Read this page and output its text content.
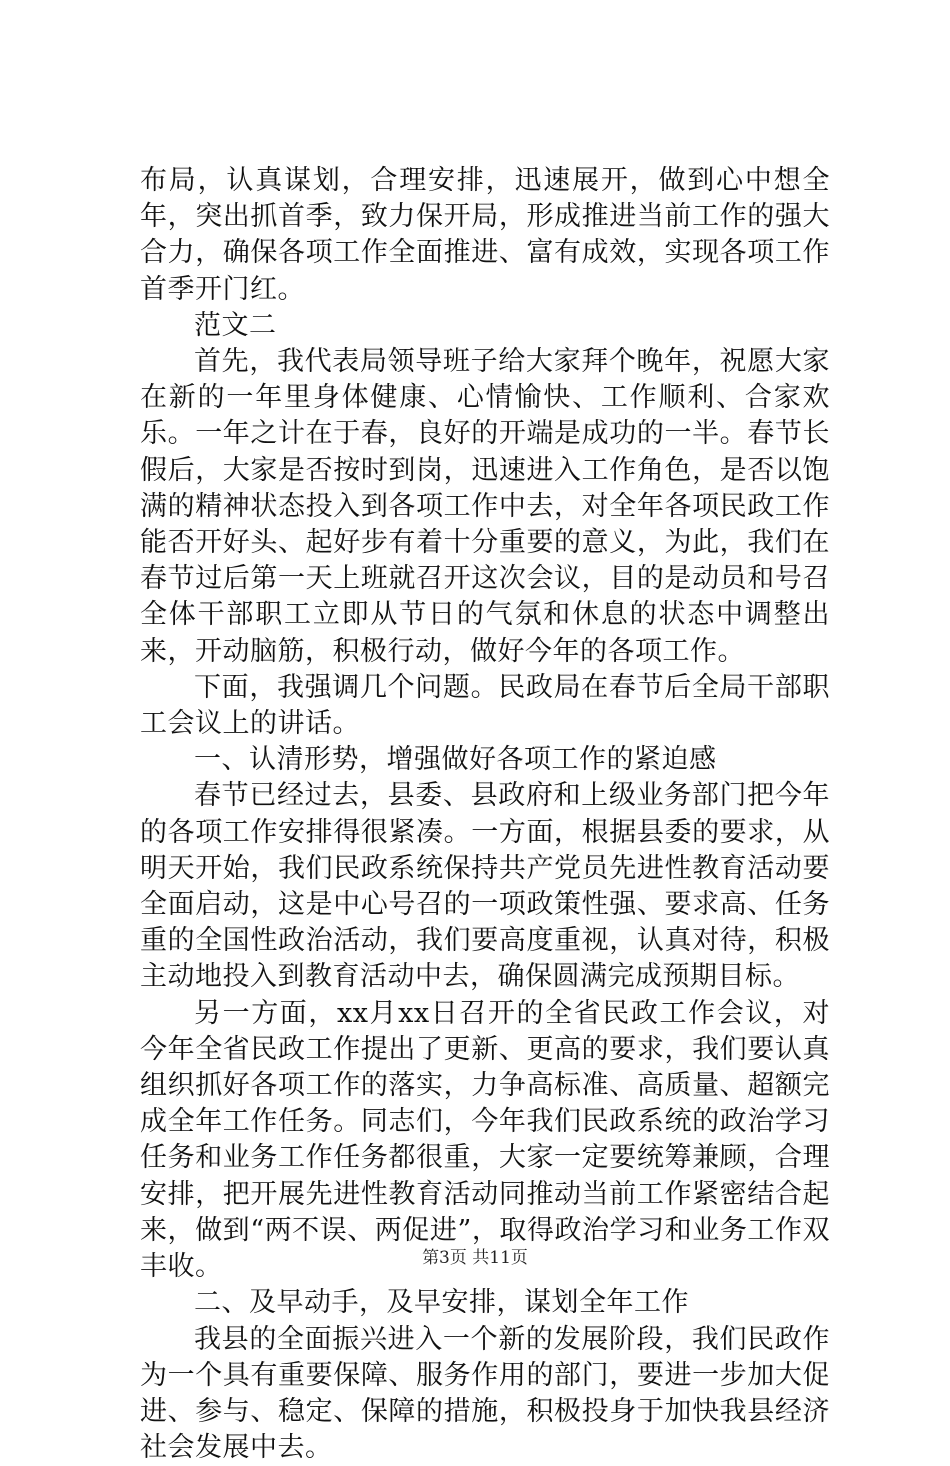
布局，认真谋划，合理安排，迅速展开，做到心中想全年，突出抓首季，致力保开局，形成推进当前工作的强大合力，确保各项工作全面推进、富有成效，实现各项工作首季开门红。

范文二

首先，我代表局领导班子给大家拜个晚年，祝愿大家在新的一年里身体健康、心情愉快、工作顺利、合家欢乐。一年之计在于春，良好的开端是成功的一半。春节长假后，大家是否按时到岗，迅速进入工作角色，是否以饱满的精神状态投入到各项工作中去，对全年各项民政工作能否开好头、起好步有着十分重要的意义，为此，我们在春节过后第一天上班就召开这次会议，目的是动员和号召全体干部职工立即从节日的气氛和休息的状态中调整出来，开动脑筋，积极行动，做好今年的各项工作。

下面，我强调几个问题。民政局在春节后全局干部职工会议上的讲话。

一、认清形势，增强做好各项工作的紧迫感

春节已经过去，县委、县政府和上级业务部门把今年的各项工作安排得很紧凑。一方面，根据县委的要求，从明天开始，我们民政系统保持共产党员先进性教育活动要全面启动，这是中心号召的一项政策性强、要求高、任务重的全国性政治活动，我们要高度重视，认真对待，积极主动地投入到教育活动中去，确保圆满完成预期目标。

另一方面，xx月xx日召开的全省民政工作会议，对今年全省民政工作提出了更新、更高的要求，我们要认真组织抓好各项工作的落实，力争高标准、高质量、超额完成全年工作任务。同志们，今年我们民政系统的政治学习任务和业务工作任务都很重，大家一定要统筹兼顾，合理安排，把开展先进性教育活动同推动当前工作紧密结合起来，做到“两不误、两促进”，取得政治学习和业务工作双丰收。

二、及早动手，及早安排，谋划全年工作

我县的全面振兴进入一个新的发展阶段，我们民政作为一个具有重要保障、服务作用的部门，要进一步加大促进、参与、稳定、保障的措施，积极投身于加快我县经济社会发展中去。

第3页 共11页
